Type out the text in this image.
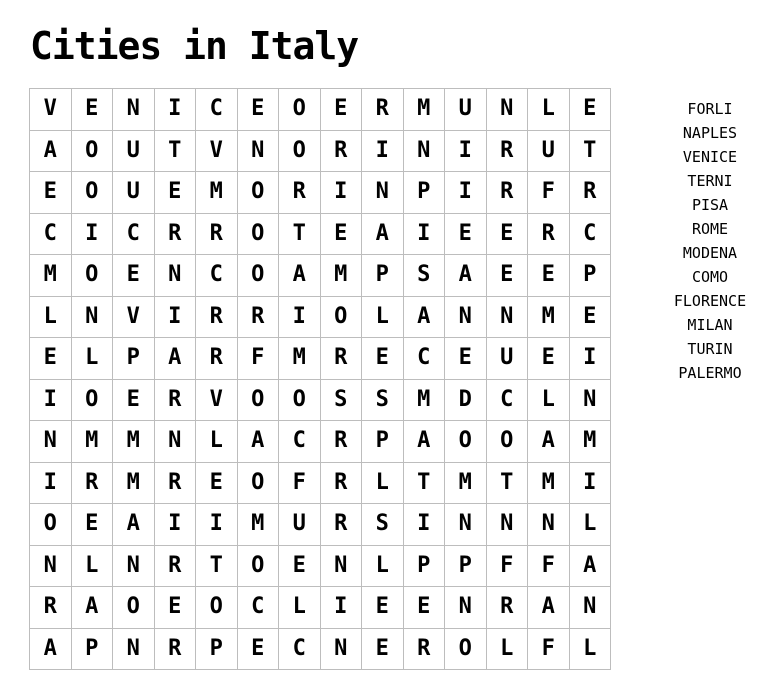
Cities in Italy
V	E	N	I	C	E	O	E	R	M	U	N	L	E
A	O	U	T	V	N	O	R	I	N	I	R	U	T
E	O	U	E	M	O	R	I	N	P	I	R	F	R
C	I	C	R	R	O	T	E	A	I	E	E	R	C
M	O	E	N	C	O	A	M	P	S	A	E	E	P
L	N	V	I	R	R	I	O	L	A	N	N	M	E
E	L	P	A	R	F	M	R	E	C	E	U	E	I
I	O	E	R	V	O	O	S	S	M	D	C	L	N
N	M	M	N	L	A	C	R	P	A	O	O	A	M
I	R	M	R	E	O	F	R	L	T	M	T	M	I
O	E	A	I	I	M	U	R	S	I	N	N	N	L
N	L	N	R	T	O	E	N	L	P	P	F	F	A
R	A	O	E	O	C	L	I	E	E	N	R	A	N
A	P	N	R	P	E	C	N	E	R	O	L	F	L
FORLI
NAPLES
VENICE
TERNI
PISA
ROME
MODENA
COMO
FLORENCE
MILAN
TURIN
PALERMO
